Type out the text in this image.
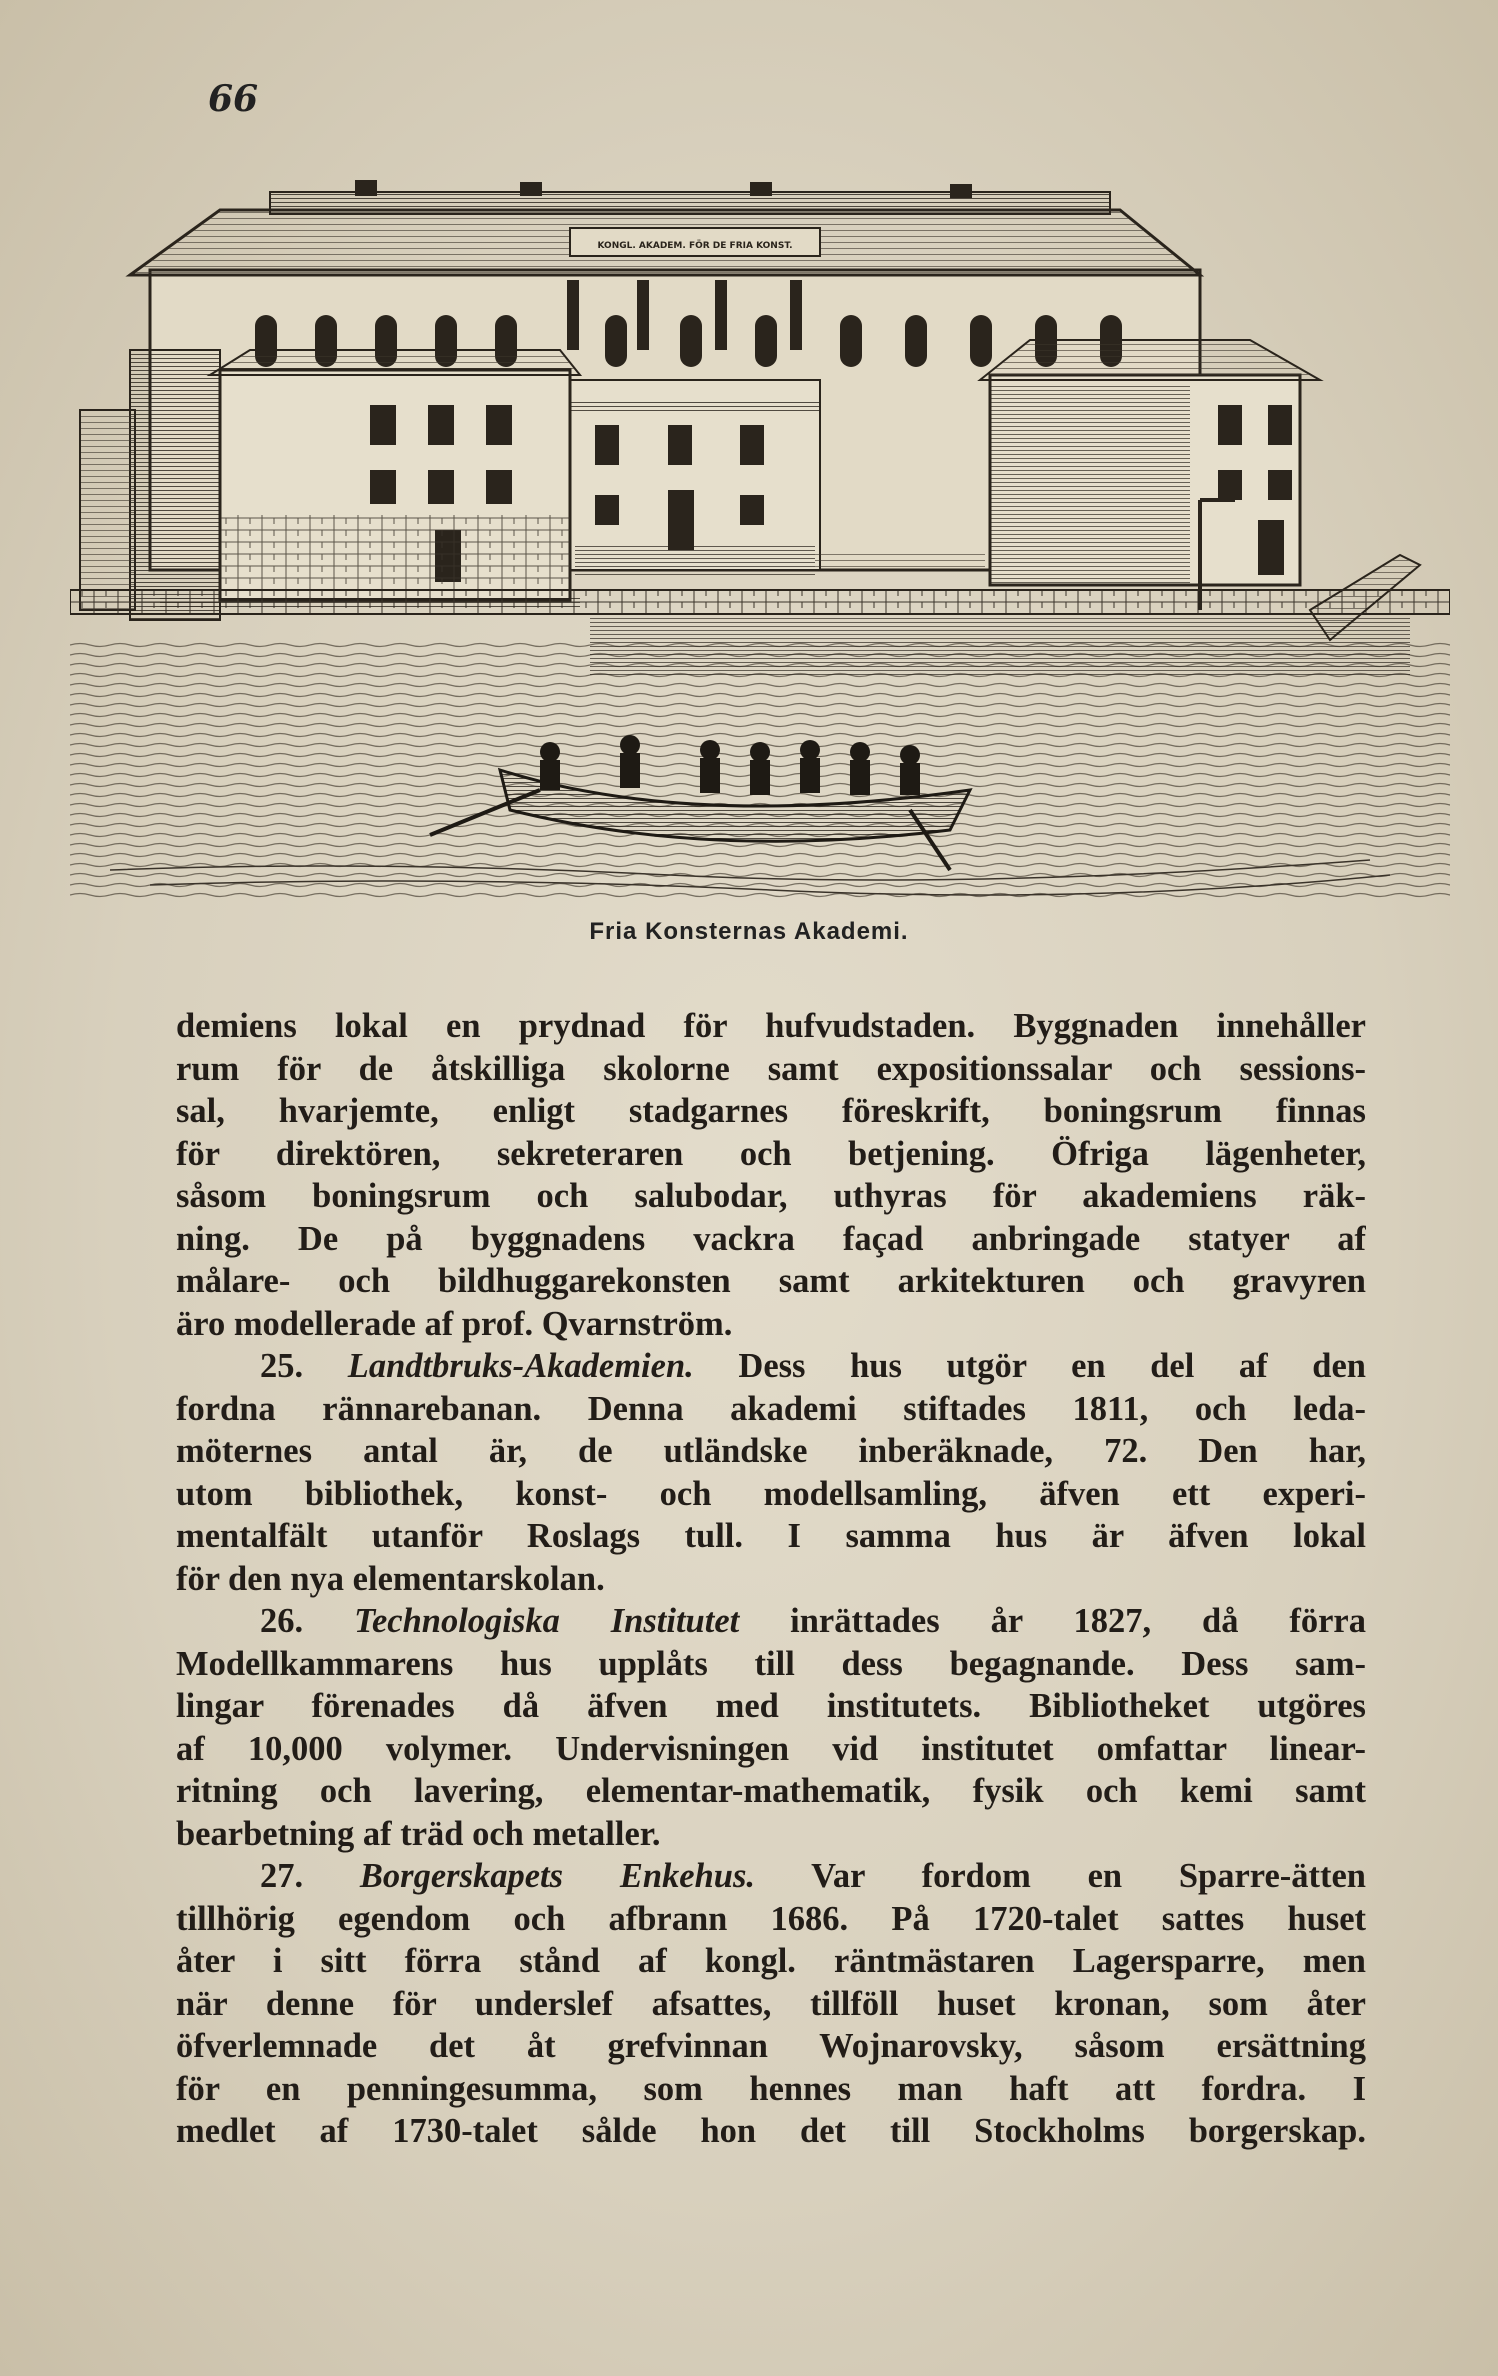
66
KONGL. AKADEM. FÖR DE FRIA KONST.
Fria Konsternas Akademi.
demiens lokal en prydnad för hufvudstaden. Byggnaden innehåller
rum för de åtskilliga skolorne samt expositionssalar och sessions-
sal, hvarjemte, enligt stadgarnes föreskrift, boningsrum finnas
för direktören, sekreteraren och betjening. Öfriga lägenheter,
såsom boningsrum och salubodar, uthyras för akademiens räk-
ning. De på byggnadens vackra façad anbringade statyer af
målare- och bildhuggarekonsten samt arkitekturen och gravyren
äro modellerade af prof. Qvarnström.
25. Landtbruks-Akademien. Dess hus utgör en del af den
fordna rännarebanan. Denna akademi stiftades 1811, och leda-
möternes antal är, de utländske inberäknade, 72. Den har,
utom bibliothek, konst- och modellsamling, äfven ett experi-
mentalfält utanför Roslags tull. I samma hus är äfven lokal
för den nya elementarskolan.
26. Technologiska Institutet inrättades år 1827, då förra
Modellkammarens hus upplåts till dess begagnande. Dess sam-
lingar förenades då äfven med institutets. Bibliotheket utgöres
af 10,000 volymer. Undervisningen vid institutet omfattar linear-
ritning och lavering, elementar-mathematik, fysik och kemi samt
bearbetning af träd och metaller.
27. Borgerskapets Enkehus. Var fordom en Sparre-ätten
tillhörig egendom och afbrann 1686. På 1720-talet sattes huset
åter i sitt förra stånd af kongl. räntmästaren Lagersparre, men
när denne för underslef afsattes, tillföll huset kronan, som åter
öfverlemnade det åt grefvinnan Wojnarovsky, såsom ersättning
för en penningesumma, som hennes man haft att fordra. I
medlet af 1730-talet sålde hon det till Stockholms borgerskap.
